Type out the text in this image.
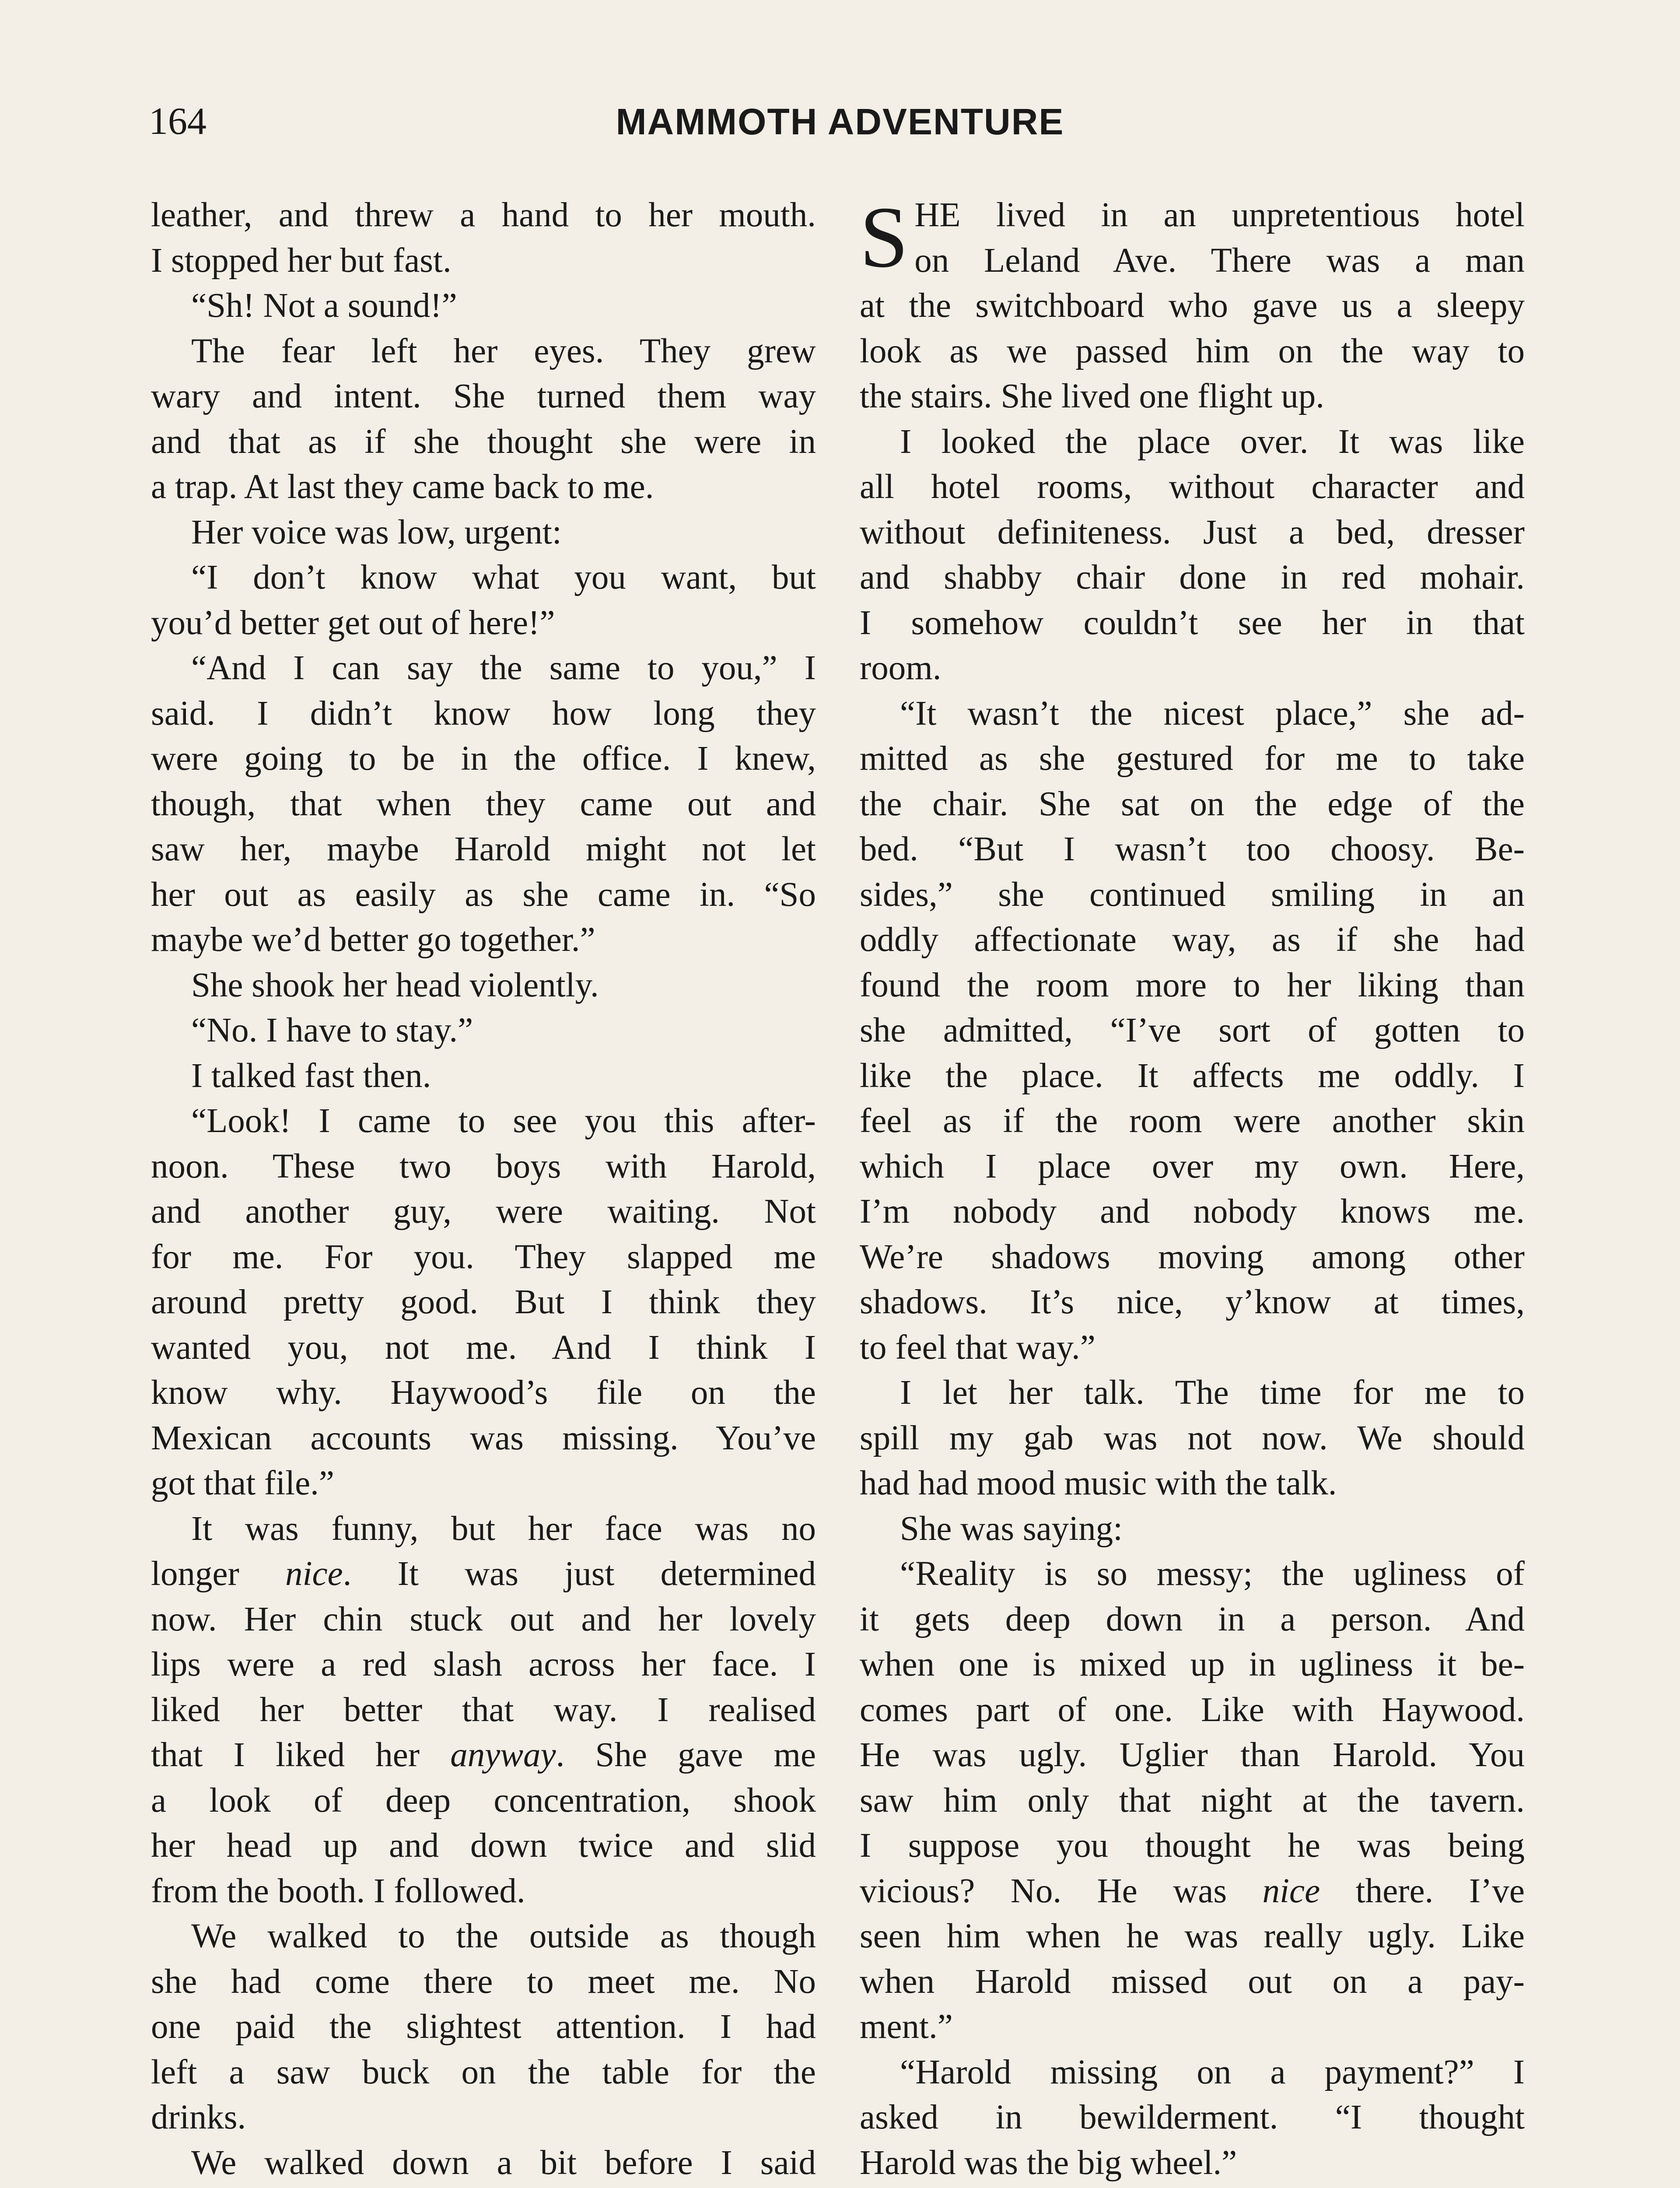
164	MAMMOTH ADVENTURE
leather, and threw a hand to her mouth.
I stopped her but fast.
“Sh! Not a sound!”
The fear left her eyes. They grew
wary and intent. She turned them way
and that as if she thought she were in
a trap. At last they came back to me.
Her voice was low, urgent:
“I don’t know what you want, but
you’d better get out of here!”
“And I can say the same to you,” I
said. I didn’t know how long they
were going to be in the office. I knew,
though, that when they came out and
saw her, maybe Harold might not let
her out as easily as she came in. “So
maybe we’d better go together.”
She shook her head violently.
“No. I have to stay.”
I talked fast then.
“Look! I came to see you this after-
noon. These two boys with Harold,
and another guy, were waiting. Not
for me. For you. They slapped me
around pretty good. But I think they
wanted you, not me. And I think I
know why. Haywood’s file on the
Mexican accounts was missing. You’ve
got that file.”
It was funny, but her face was no
longer nice. It was just determined
now. Her chin stuck out and her lovely
lips were a red slash across her face. I
liked her better that way. I realised
that I liked her anyway. She gave me
a look of deep concentration, shook
her head up and down twice and slid
from the booth. I followed.
We walked to the outside as though
she had come there to meet me. No
one paid the slightest attention. I had
left a saw buck on the table for the
drinks.
We walked down a bit before I said
S HE lived in an unpretentious hotel
on Leland Ave. There was a man
at the switchboard who gave us a sleepy
look as we passed him on the way to
the stairs. She lived one flight up.
I looked the place over. It was like
all hotel rooms, without character and
without definiteness. Just a bed, dresser
and shabby chair done in red mohair.
I somehow couldn’t see her in that
room.
“It wasn’t the nicest place,” she ad-
mitted as she gestured for me to take
the chair. She sat on the edge of the
bed. “But I wasn’t too choosy. Be-
sides,” she continued smiling in an
oddly affectionate way, as if she had
found the room more to her liking than
she admitted, “I’ve sort of gotten to
like the place. It affects me oddly. I
feel as if the room were another skin
which I place over my own. Here,
I’m nobody and nobody knows me.
We’re shadows moving among other
shadows. It’s nice, y’know at times,
to feel that way.”
I let her talk. The time for me to
spill my gab was not now. We should
had had mood music with the talk.
She was saying:
“Reality is so messy; the ugliness of
it gets deep down in a person. And
when one is mixed up in ugliness it be-
comes part of one. Like with Haywood.
He was ugly. Uglier than Harold. You
saw him only that night at the tavern.
I suppose you thought he was being
vicious? No. He was nice there. I’ve
seen him when he was really ugly. Like
when Harold missed out on a pay-
ment.”
“Harold missing on a payment?” I
asked in bewilderment. “I thought
Harold was the big wheel.”
